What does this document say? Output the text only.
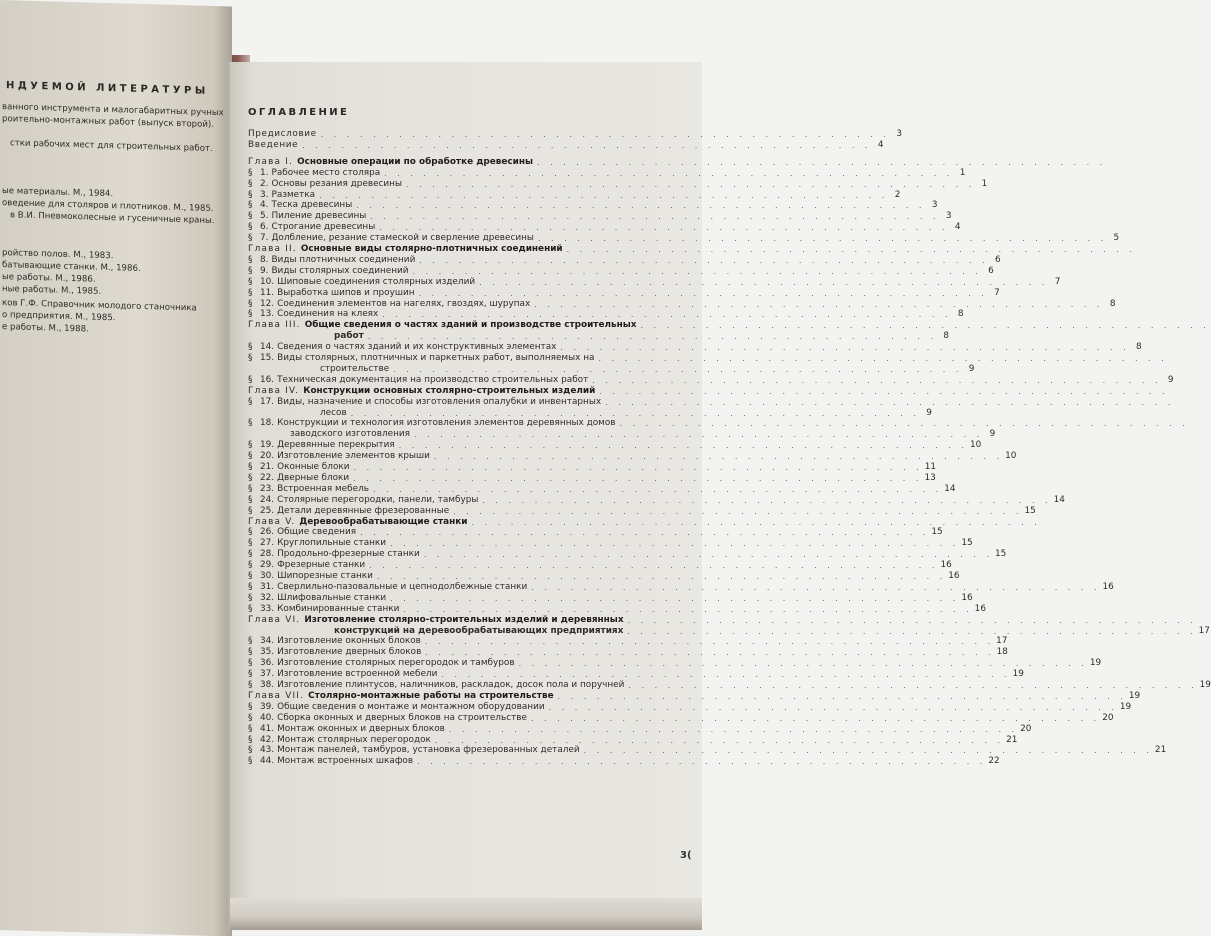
НДУЕМОЙ ЛИТЕРАТУРЫ
ванного инструмента и малогабаритных ручных
роительно-монтажных работ (выпуск второй).
стки рабочих мест для строительных работ.
ые материалы. М., 1984.
оведение для столяров и плотников. М., 1985.
в В.И. Пневмоколесные и гусеничные краны.
ройство полов. М., 1983.
батывающие станки. М., 1986.
ые работы. М., 1986.
ные работы. М., 1985.
ков Г.Ф. Справочник молодого станочника
о предприятия. М., 1985.
е работы. М., 1988.
ОГЛАВЛЕНИЕ
Предисловие . . . . . . . . . . . . . . . . . . . . . . . . . . . . . . . . . . . . . . . . . . . . 3
Введение . . . . . . . . . . . . . . . . . . . . . . . . . . . . . . . . . . . . . . . . . . . . 4
Глава I. Основные операции по обработке древесины . . . . . . . . . . . . . . . . . . . . . . . . . . . . . . . . . . . . . . . . . . . .
§ 1. Рабочее место столяра . . . . . . . . . . . . . . . . . . . . . . . . . . . . . . . . . . . . . . . . . . . . 1
§ 2. Основы резания древесины . . . . . . . . . . . . . . . . . . . . . . . . . . . . . . . . . . . . . . . . . . . . 1
§ 3. Разметка . . . . . . . . . . . . . . . . . . . . . . . . . . . . . . . . . . . . . . . . . . . . 2
§ 4. Теска древесины . . . . . . . . . . . . . . . . . . . . . . . . . . . . . . . . . . . . . . . . . . . . 3
§ 5. Пиление древесины . . . . . . . . . . . . . . . . . . . . . . . . . . . . . . . . . . . . . . . . . . . . 3
§ 6. Строгание древесины . . . . . . . . . . . . . . . . . . . . . . . . . . . . . . . . . . . . . . . . . . . . 4
§ 7. Долбление, резание стамеской и сверление древесины . . . . . . . . . . . . . . . . . . . . . . . . . . . . . . . . . . . . . . . . . . . . 5
Глава II. Основные виды столярно-плотничных соединений . . . . . . . . . . . . . . . . . . . . . . . . . . . . . . . . . . . . . . . . . . . .
§ 8. Виды плотничных соединений . . . . . . . . . . . . . . . . . . . . . . . . . . . . . . . . . . . . . . . . . . . . 6
§ 9. Виды столярных соединений . . . . . . . . . . . . . . . . . . . . . . . . . . . . . . . . . . . . . . . . . . . . 6
§ 10. Шиповые соединения столярных изделий . . . . . . . . . . . . . . . . . . . . . . . . . . . . . . . . . . . . . . . . . . . . 7
§ 11. Выработка шипов и проушин . . . . . . . . . . . . . . . . . . . . . . . . . . . . . . . . . . . . . . . . . . . . 7
§ 12. Соединения элементов на нагелях, гвоздях, шурупах . . . . . . . . . . . . . . . . . . . . . . . . . . . . . . . . . . . . . . . . . . . . 8
§ 13. Соединения на клеях . . . . . . . . . . . . . . . . . . . . . . . . . . . . . . . . . . . . . . . . . . . . 8
Глава III. Общие сведения о частях зданий и производстве строительных . . . . . . . . . . . . . . . . . . . . . . . . . . . . . . . . . . . . . . . . . . . .
работ . . . . . . . . . . . . . . . . . . . . . . . . . . . . . . . . . . . . . . . . . . . . 8
§ 14. Сведения о частях зданий и их конструктивных элементах . . . . . . . . . . . . . . . . . . . . . . . . . . . . . . . . . . . . . . . . . . . . 8
§ 15. Виды столярных, плотничных и паркетных работ, выполняемых на . . . . . . . . . . . . . . . . . . . . . . . . . . . . . . . . . . . . . . . . . . . .
строительстве . . . . . . . . . . . . . . . . . . . . . . . . . . . . . . . . . . . . . . . . . . . . 9
§ 16. Техническая документация на производство строительных работ . . . . . . . . . . . . . . . . . . . . . . . . . . . . . . . . . . . . . . . . . . . . 9
Глава IV. Конструкции основных столярно-строительных изделий . . . . . . . . . . . . . . . . . . . . . . . . . . . . . . . . . . . . . . . . . . . .
§ 17. Виды, назначение и способы изготовления опалубки и инвентарных . . . . . . . . . . . . . . . . . . . . . . . . . . . . . . . . . . . . . . . . . . . .
лесов . . . . . . . . . . . . . . . . . . . . . . . . . . . . . . . . . . . . . . . . . . . . 9
§ 18. Конструкции и технология изготовления элементов деревянных домов . . . . . . . . . . . . . . . . . . . . . . . . . . . . . . . . . . . . . . . . . . . .
заводского изготовления . . . . . . . . . . . . . . . . . . . . . . . . . . . . . . . . . . . . . . . . . . . . 9
§ 19. Деревянные перекрытия . . . . . . . . . . . . . . . . . . . . . . . . . . . . . . . . . . . . . . . . . . . . 10
§ 20. Изготовление элементов крыши . . . . . . . . . . . . . . . . . . . . . . . . . . . . . . . . . . . . . . . . . . . . 10
§ 21. Оконные блоки . . . . . . . . . . . . . . . . . . . . . . . . . . . . . . . . . . . . . . . . . . . . 11
§ 22. Дверные блоки . . . . . . . . . . . . . . . . . . . . . . . . . . . . . . . . . . . . . . . . . . . . 13
§ 23. Встроенная мебель . . . . . . . . . . . . . . . . . . . . . . . . . . . . . . . . . . . . . . . . . . . . 14
§ 24. Столярные перегородки, панели, тамбуры . . . . . . . . . . . . . . . . . . . . . . . . . . . . . . . . . . . . . . . . . . . . 14
§ 25. Детали деревянные фрезерованные . . . . . . . . . . . . . . . . . . . . . . . . . . . . . . . . . . . . . . . . . . . . 15
Глава V. Деревообрабатывающие станки . . . . . . . . . . . . . . . . . . . . . . . . . . . . . . . . . . . . . . . . . . . .
§ 26. Общие сведения . . . . . . . . . . . . . . . . . . . . . . . . . . . . . . . . . . . . . . . . . . . . 15
§ 27. Круглопильные станки . . . . . . . . . . . . . . . . . . . . . . . . . . . . . . . . . . . . . . . . . . . . 15
§ 28. Продольно-фрезерные станки . . . . . . . . . . . . . . . . . . . . . . . . . . . . . . . . . . . . . . . . . . . . 15
§ 29. Фрезерные станки . . . . . . . . . . . . . . . . . . . . . . . . . . . . . . . . . . . . . . . . . . . . 16
§ 30. Шипорезные станки . . . . . . . . . . . . . . . . . . . . . . . . . . . . . . . . . . . . . . . . . . . . 16
§ 31. Сверлильно-пазовальные и цепнодолбежные станки . . . . . . . . . . . . . . . . . . . . . . . . . . . . . . . . . . . . . . . . . . . . 16
§ 32. Шлифовальные станки . . . . . . . . . . . . . . . . . . . . . . . . . . . . . . . . . . . . . . . . . . . . 16
§ 33. Комбинированные станки . . . . . . . . . . . . . . . . . . . . . . . . . . . . . . . . . . . . . . . . . . . . 16
Глава VI. Изготовление столярно-строительных изделий и деревянных . . . . . . . . . . . . . . . . . . . . . . . . . . . . . . . . . . . . . . . . . . . .
конструкций на деревообрабатывающих предприятиях . . . . . . . . . . . . . . . . . . . . . . . . . . . . . . . . . . . . . . . . . . . . 17
§ 34. Изготовление оконных блоков . . . . . . . . . . . . . . . . . . . . . . . . . . . . . . . . . . . . . . . . . . . . 17
§ 35. Изготовление дверных блоков . . . . . . . . . . . . . . . . . . . . . . . . . . . . . . . . . . . . . . . . . . . . 18
§ 36. Изготовление столярных перегородок и тамбуров . . . . . . . . . . . . . . . . . . . . . . . . . . . . . . . . . . . . . . . . . . . . 19
§ 37. Изготовление встроенной мебели . . . . . . . . . . . . . . . . . . . . . . . . . . . . . . . . . . . . . . . . . . . . 19
§ 38. Изготовление плинтусов, наличников, раскладок, досок пола и поручней . . . . . . . . . . . . . . . . . . . . . . . . . . . . . . . . . . . . . . . . . . . . 19
Глава VII. Столярно-монтажные работы на строительстве . . . . . . . . . . . . . . . . . . . . . . . . . . . . . . . . . . . . . . . . . . . . 19
§ 39. Общие сведения о монтаже и монтажном оборудовании . . . . . . . . . . . . . . . . . . . . . . . . . . . . . . . . . . . . . . . . . . . . 19
§ 40. Сборка оконных и дверных блоков на строительстве . . . . . . . . . . . . . . . . . . . . . . . . . . . . . . . . . . . . . . . . . . . . 20
§ 41. Монтаж оконных и дверных блоков . . . . . . . . . . . . . . . . . . . . . . . . . . . . . . . . . . . . . . . . . . . . 20
§ 42. Монтаж столярных перегородок . . . . . . . . . . . . . . . . . . . . . . . . . . . . . . . . . . . . . . . . . . . . 21
§ 43. Монтаж панелей, тамбуров, установка фрезерованных деталей . . . . . . . . . . . . . . . . . . . . . . . . . . . . . . . . . . . . . . . . . . . . 21
§ 44. Монтаж встроенных шкафов . . . . . . . . . . . . . . . . . . . . . . . . . . . . . . . . . . . . . . . . . . . . 22
3(
